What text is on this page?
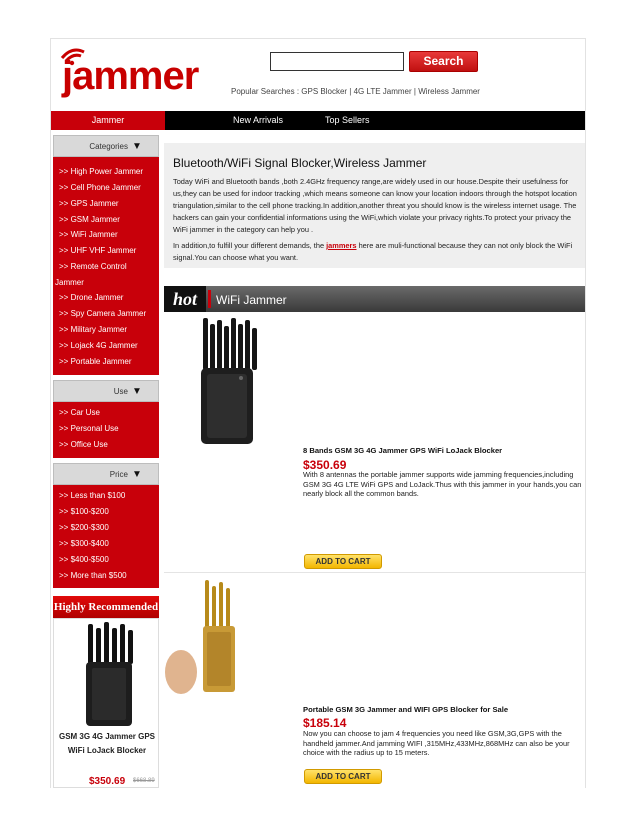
jammer	Search
Popular Searches : GPS Blocker | 4G LTE Jammer | Wireless Jammer
Jammer	New Arrivals	Top Sellers
Categories ▼
>> High Power Jammer
>> Cell Phone Jammer
>> GPS Jammer
>> GSM Jammer
>> WiFi Jammer
>> UHF VHF Jammer
>> Remote Control
Jammer
>> Drone Jammer
>> Spy Camera Jammer
>> Military Jammer
>> Lojack 4G Jammer
>> Portable Jammer
Use ▼
>> Car Use
>> Personal Use
>> Office Use
Price ▼
>> Less than $100
>> $100-$200
>> $200-$300
>> $300-$400
>> $400-$500
>> More than $500
Highly Recommended
GSM 3G 4G Jammer GPS WiFi LoJack Blocker
$350.69 $668.89
Bluetooth/WiFi Signal Blocker,Wireless Jammer
Today WiFi and Bluetooth bands ,both 2.4GHz frequency range,are widely used in our house.Despite their usefulness for us,they can be used for indoor tracking ,which means someone can know your location indoors through the hotspot location triangulation,similar to the cell phone tracking.In addition,another threat you should know is the wireless internet usage. The hackers can gain your confidential informations using the WiFi,which violate your privacy rights.To protect your privacy the WiFi jammer in the category can help you .
In addition,to fulfill your different demands, the jammers here are muli-functional because they can not only block the WiFi signal.You can choose what you want.
hot	WiFi Jammer
8 Bands GSM 3G 4G Jammer GPS WiFi LoJack Blocker
$350.69
With 8 antennas the portable jammer supports wide jamming frequencies,including GSM 3G 4G LTE WiFi GPS and LoJack.Thus with this jammer in your hands,you can nearly block all the common bands.
ADD TO CART
Portable GSM 3G Jammer and WIFI GPS Blocker for Sale
$185.14
Now you can choose to jam 4 frequencies you need like GSM,3G,GPS with the handheld jammer.And jamming WIFI ,315MHz,433MHz,868MHz can also be your choice with the radius up to 15 meters.
ADD TO CART
